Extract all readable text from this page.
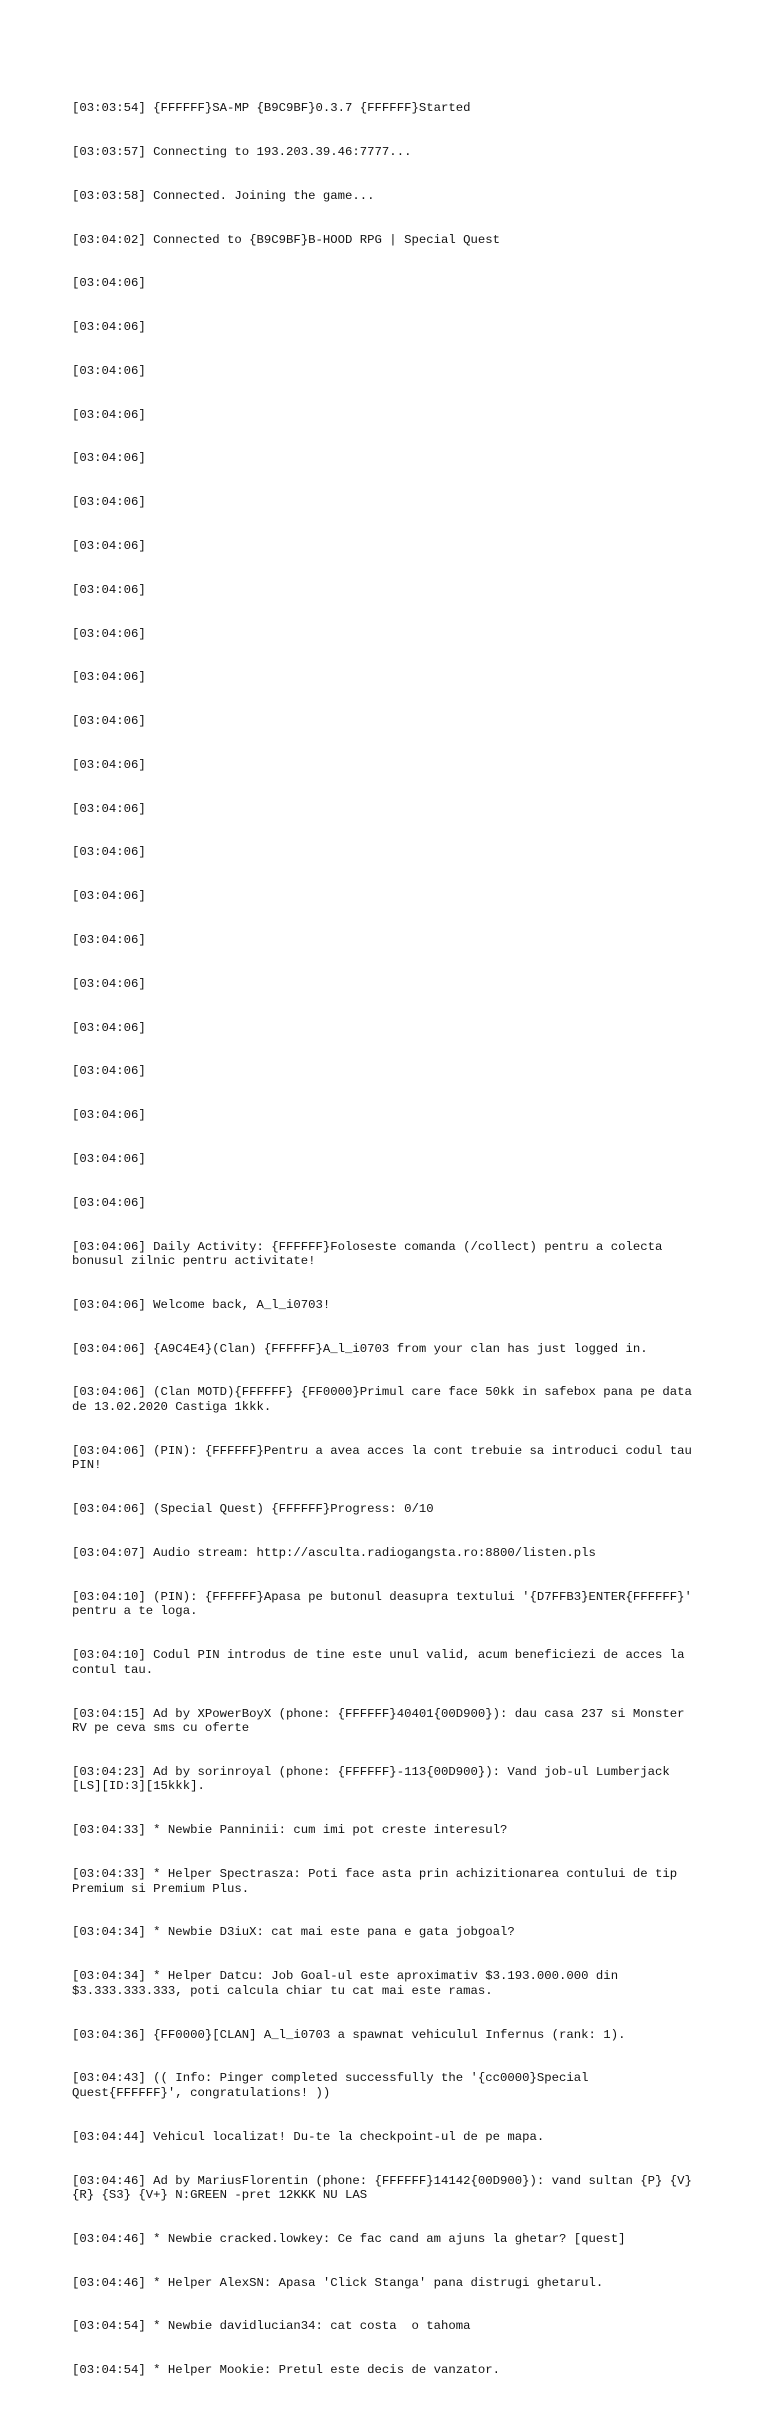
[03:03:54] {FFFFFF}SA-MP {B9C9BF}0.3.7 {FFFFFF}Started

[03:03:57] Connecting to 193.203.39.46:7777...

[03:03:58] Connected. Joining the game...

[03:04:02] Connected to {B9C9BF}B-HOOD RPG | Special Quest

[03:04:06]

[03:04:06]

[03:04:06]

[03:04:06]

[03:04:06]

[03:04:06]

[03:04:06]

[03:04:06]

[03:04:06]

[03:04:06]

[03:04:06]

[03:04:06]

[03:04:06]

[03:04:06]

[03:04:06]

[03:04:06]

[03:04:06]

[03:04:06]

[03:04:06]

[03:04:06]

[03:04:06]

[03:04:06]

[03:04:06] Daily Activity: {FFFFFF}Foloseste comanda (/collect) pentru a colecta bonusul zilnic pentru activitate!

[03:04:06] Welcome back, A_l_i0703!

[03:04:06] {A9C4E4}(Clan) {FFFFFF}A_l_i0703 from your clan has just logged in.

[03:04:06] (Clan MOTD){FFFFFF} {FF0000}Primul care face 50kk in safebox pana pe data de 13.02.2020 Castiga 1kkk.

[03:04:06] (PIN): {FFFFFF}Pentru a avea acces la cont trebuie sa introduci codul tau PIN!

[03:04:06] (Special Quest) {FFFFFF}Progress: 0/10

[03:04:07] Audio stream: http://asculta.radiogangsta.ro:8800/listen.pls

[03:04:10] (PIN): {FFFFFF}Apasa pe butonul deasupra textului '{D7FFB3}ENTER{FFFFFF}' pentru a te loga.

[03:04:10] Codul PIN introdus de tine este unul valid, acum beneficiezi de acces la contul tau.

[03:04:15] Ad by XPowerBoyX (phone: {FFFFFF}40401{00D900}): dau casa 237 si Monster RV pe ceva sms cu oferte

[03:04:23] Ad by sorinroyal (phone: {FFFFFF}-113{00D900}): Vand job-ul Lumberjack [LS][ID:3][15kkk].

[03:04:33] * Newbie Panninii: cum imi pot creste interesul?

[03:04:33] * Helper Spectrasza: Poti face asta prin achizitionarea contului de tip Premium si Premium Plus.

[03:04:34] * Newbie D3iuX: cat mai este pana e gata jobgoal?

[03:04:34] * Helper Datcu: Job Goal-ul este aproximativ $3.193.000.000 din $3.333.333.333, poti calcula chiar tu cat mai este ramas.

[03:04:36] {FF0000}[CLAN] A_l_i0703 a spawnat vehiculul Infernus (rank: 1).

[03:04:43] (( Info: Pinger completed successfully the '{cc0000}Special Quest{FFFFFF}', congratulations! ))

[03:04:44] Vehicul localizat! Du-te la checkpoint-ul de pe mapa.

[03:04:46] Ad by MariusFlorentin (phone: {FFFFFF}14142{00D900}): vand sultan {P} {V} {R} {S3} {V+} N:GREEN -pret 12KKK NU LAS

[03:04:46] * Newbie cracked.lowkey: Ce fac cand am ajuns la ghetar? [quest]

[03:04:46] * Helper AlexSN: Apasa 'Click Stanga' pana distrugi ghetarul.

[03:04:54] * Newbie davidlucian34: cat costa  o tahoma

[03:04:54] * Helper Mookie: Pretul este decis de vanzator.
